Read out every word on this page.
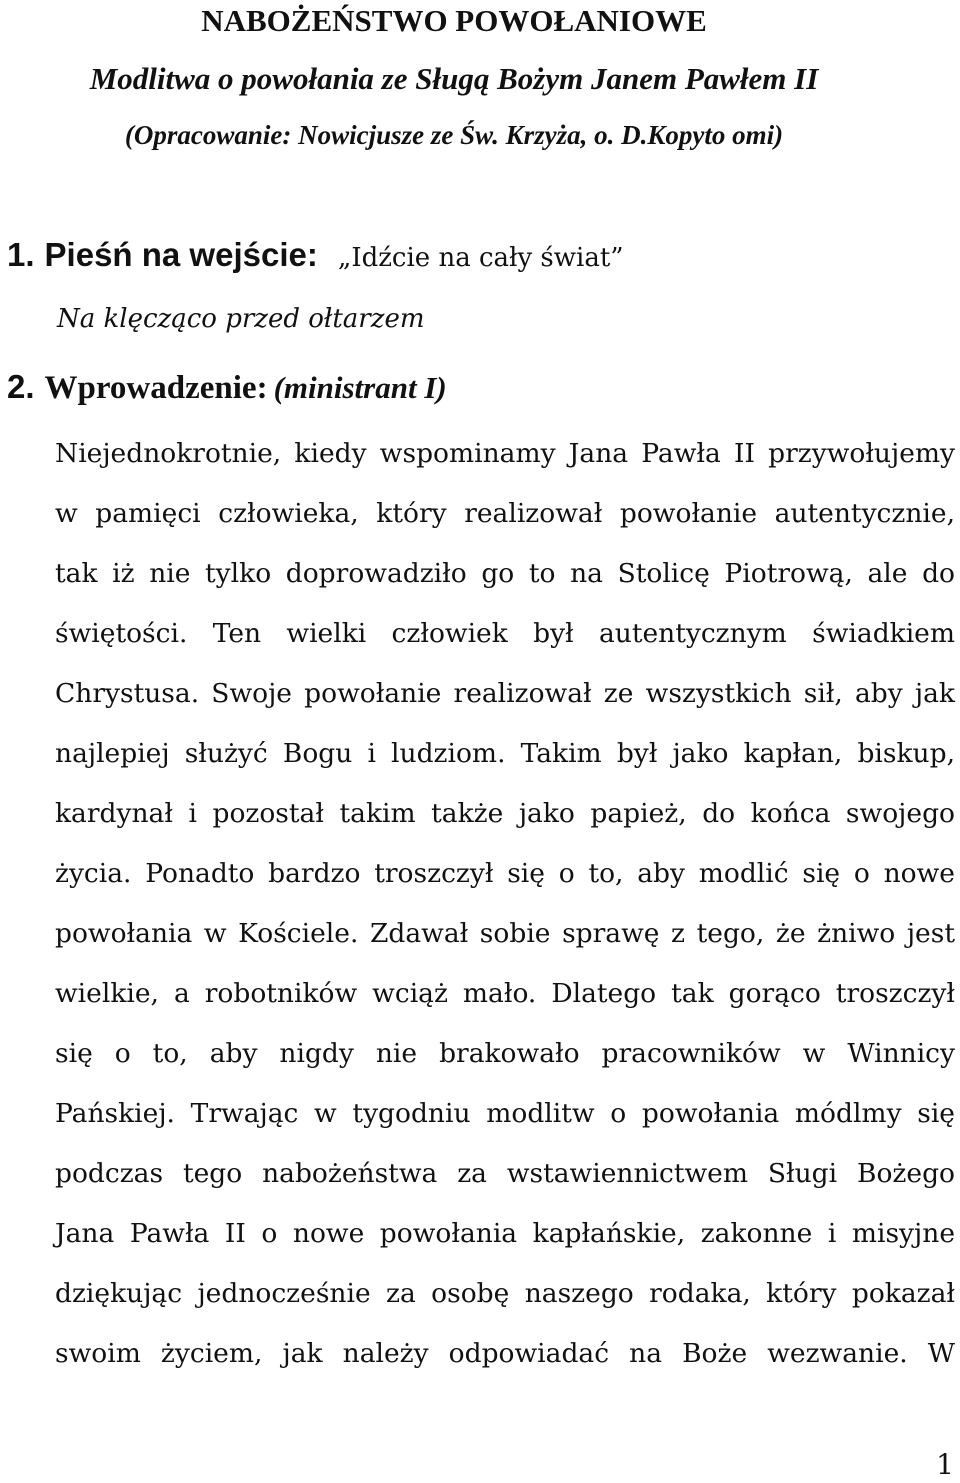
NABOŻEŃSTWO POWOŁANIOWE
Modlitwa o powołania ze Sługą Bożym Janem Pawłem II
(Opracowanie: Nowicjusze ze Św. Krzyża, o. D.Kopyto omi)
1. Pieśń na wejście: „Idźcie na cały świat”
Na klęcząco przed ołtarzem
2. Wprowadzenie: (ministrant I)
Niejednokrotnie, kiedy wspominamy Jana Pawła II przywołujemy
w pamięci człowieka, który realizował powołanie autentycznie,
tak iż nie tylko doprowadziło go to na Stolicę Piotrową, ale do
świętości. Ten wielki człowiek był autentycznym świadkiem
Chrystusa. Swoje powołanie realizował ze wszystkich sił, aby jak
najlepiej służyć Bogu i ludziom. Takim był jako kapłan, biskup,
kardynał i pozostał takim także jako papież, do końca swojego
życia. Ponadto bardzo troszczył się o to, aby modlić się o nowe
powołania w Kościele. Zdawał sobie sprawę z tego, że żniwo jest
wielkie, a robotników wciąż mało. Dlatego tak gorąco troszczył
się o to, aby nigdy nie brakowało pracowników w Winnicy
Pańskiej. Trwając w tygodniu modlitw o powołania módlmy się
podczas tego nabożeństwa za wstawiennictwem Sługi Bożego
Jana Pawła II o nowe powołania kapłańskie, zakonne i misyjne
dziękując jednocześnie za osobę naszego rodaka, który pokazał
swoim życiem, jak należy odpowiadać na Boże wezwanie. W
1
